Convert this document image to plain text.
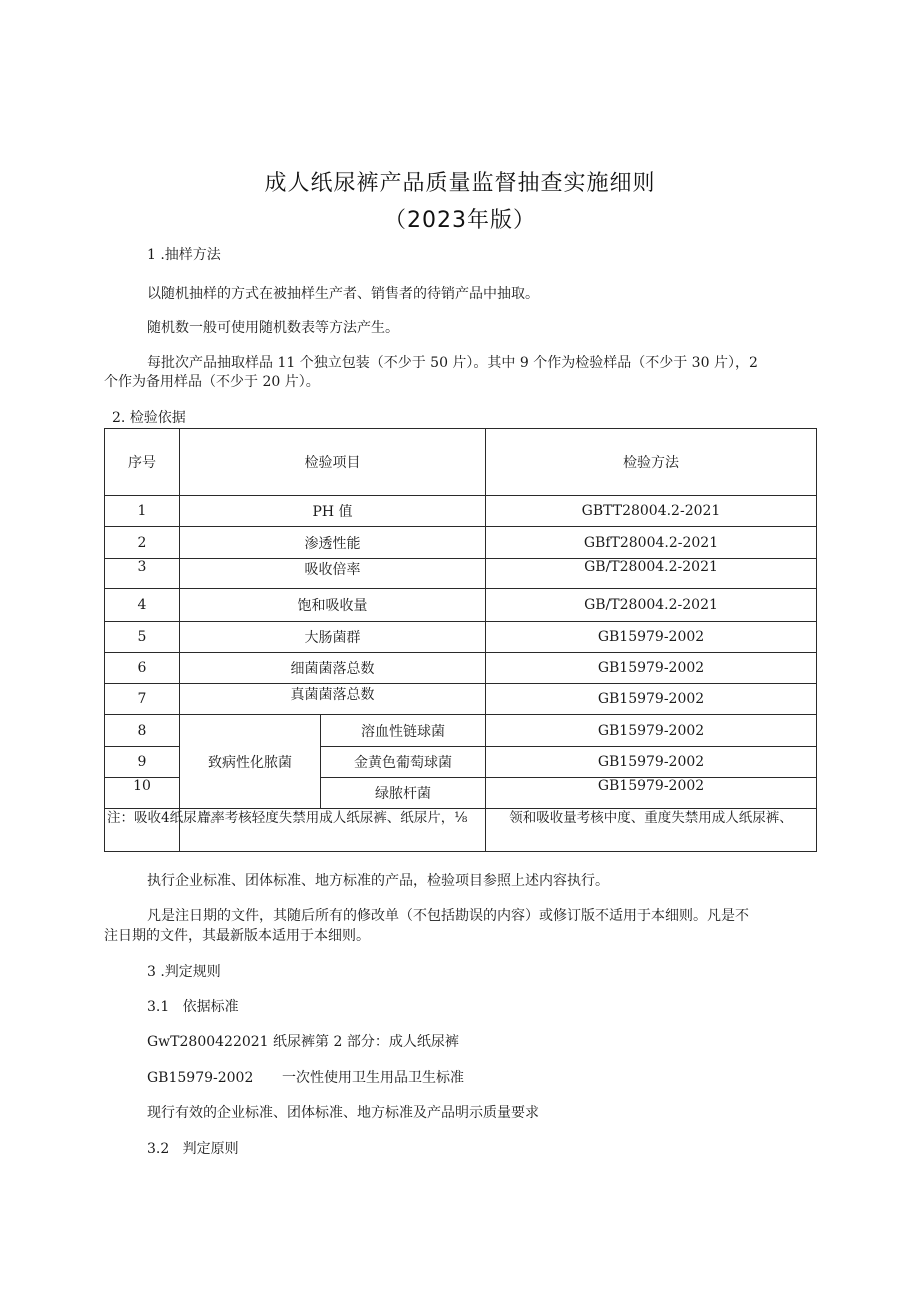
成人纸尿裤产品质量监督抽查实施细则
（2023年版）
1 .抽样方法
以随机抽样的方式在被抽样生产者、销售者的待销产品中抽取。
随机数一般可使用随机数表等方法产生。
每批次产品抽取样品 11 个独立包装（不少于 50 片）。其中 9 个作为检验样品（不少于 30 片），2
个作为备用样品（不少于 20 片）。
2. 检验依据
序号	检验项目		检验方法
1	PH 值		GBTT28004.2-2021
2	渗透性能		GBfT28004.2-2021
3	吸收倍率		GB/T28004.2-2021
4	饱和吸收量		GB/T28004.2-2021
5	大肠菌群		GB15979-2002
6	细菌菌落总数		GB15979-2002
7	真菌菌落总数		GB15979-2002
8	致病性化脓菌	溶血性链球菌	GB15979-2002
9		金黄色葡萄球菌	GB15979-2002
10		绿脓杆菌	GB15979-2002
注：吸收4纸尿片。	音率考核轻度失禁用成人纸尿裤、纸尿片，⅛		领和吸收量考核中度、重度失禁用成人纸尿裤、
执行企业标准、团体标准、地方标准的产品，检验项目参照上述内容执行。
凡是注日期的文件，其随后所有的修改单（不包括勘误的内容）或修订版不适用于本细则。凡是不
注日期的文件，其最新版本适用于本细则。
3 .判定规则
3.1   依据标准
GwT2800422021 纸尿裤第 2 部分：成人纸尿裤
GB15979-2002 一次性使用卫生用品卫生标准
现行有效的企业标准、团体标准、地方标准及产品明示质量要求
3.2   判定原则
